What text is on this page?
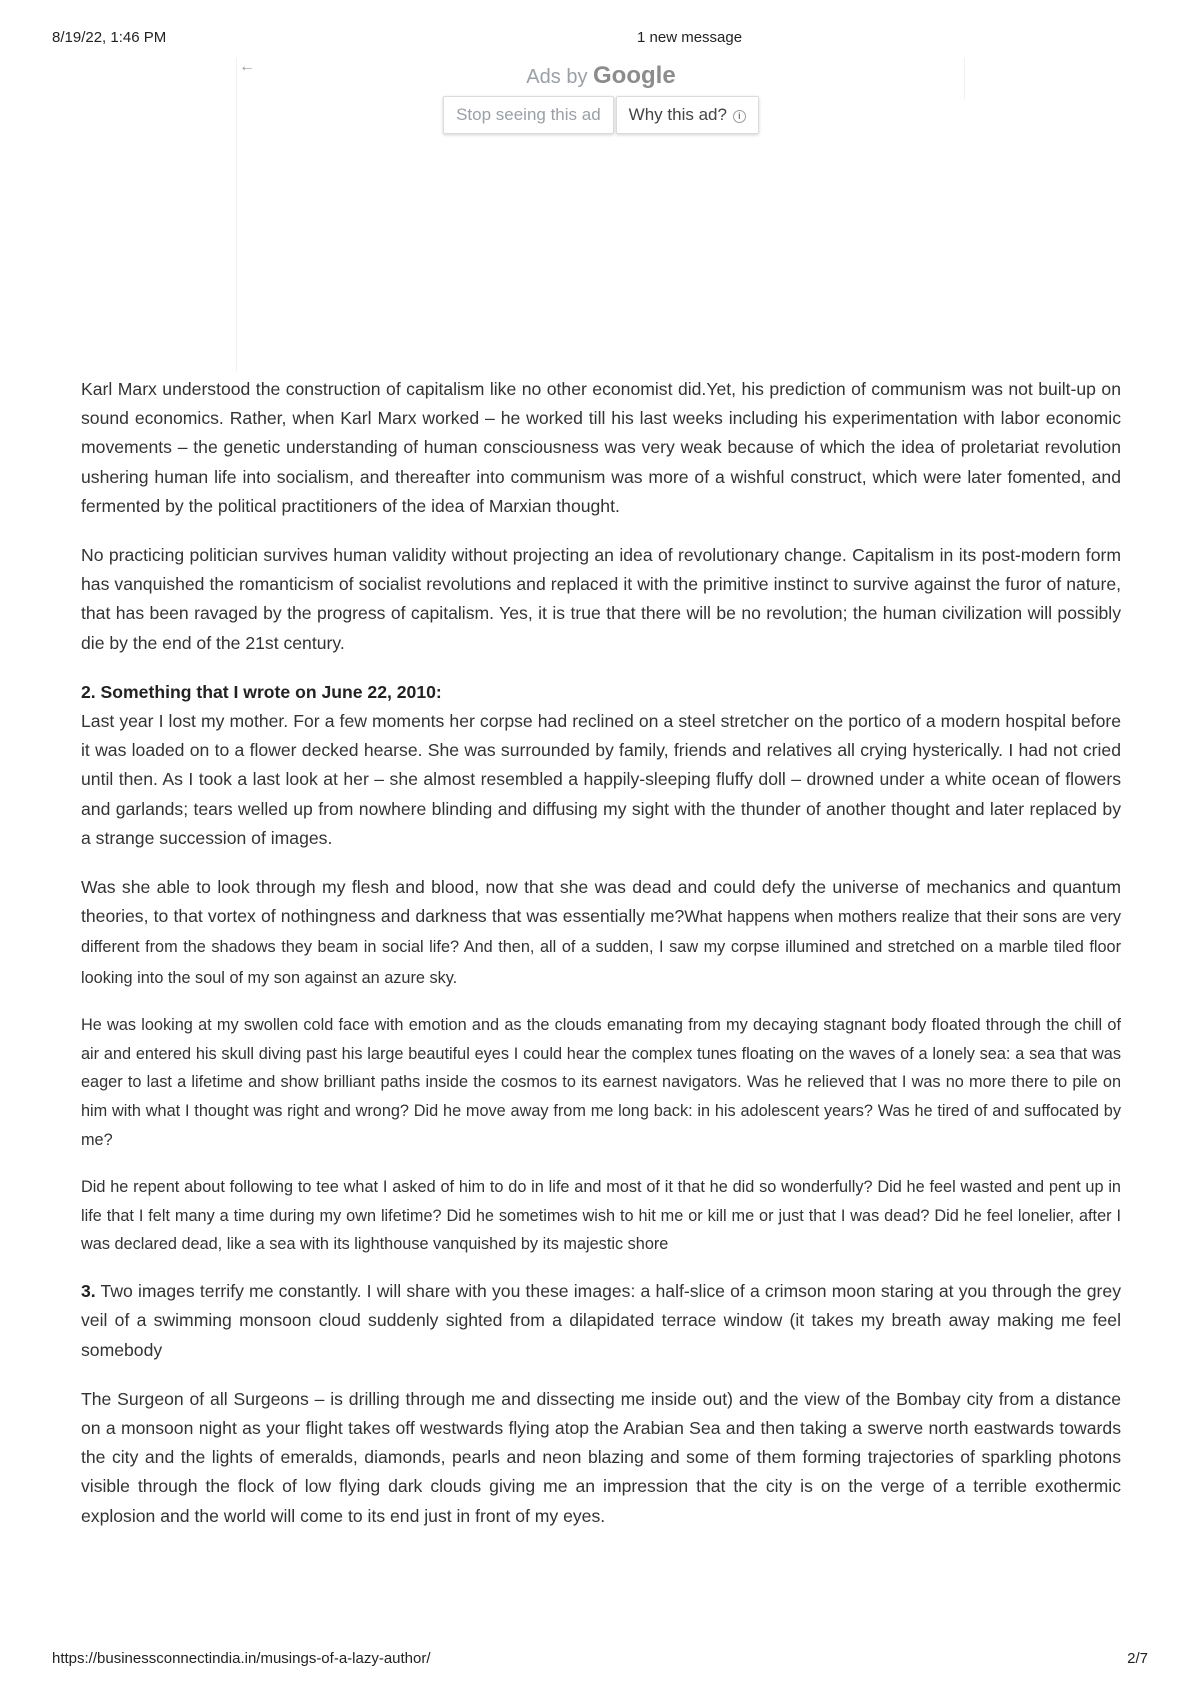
8/19/22, 1:46 PM	1 new message
←	Ads by Google
Stop seeing this ad Why this ad? i

Karl Marx understood the construction of capitalism like no other economist did.Yet, his prediction of communism was not built-up on sound economics. Rather, when Karl Marx worked – he worked till his last weeks including his experimentation with labor economic movements – the genetic understanding of human consciousness was very weak because of which the idea of proletariat revolution ushering human life into socialism, and thereafter into communism was more of a wishful construct, which were later fomented, and fermented by the political practitioners of the idea of Marxian thought.

No practicing politician survives human validity without projecting an idea of revolutionary change. Capitalism in its post-modern form has vanquished the romanticism of socialist revolutions and replaced it with the primitive instinct to survive against the furor of nature, that has been ravaged by the progress of capitalism. Yes, it is true that there will be no revolution; the human civilization will possibly die by the end of the 21st century.

2. Something that I wrote on June 22, 2010:
Last year I lost my mother. For a few moments her corpse had reclined on a steel stretcher on the portico of a modern hospital before it was loaded on to a flower decked hearse. She was surrounded by family, friends and relatives all crying hysterically. I had not cried until then. As I took a last look at her – she almost resembled a happily-sleeping fluffy doll – drowned under a white ocean of flowers and garlands; tears welled up from nowhere blinding and diffusing my sight with the thunder of another thought and later replaced by a strange succession of images.

Was she able to look through my flesh and blood, now that she was dead and could defy the universe of mechanics and quantum theories, to that vortex of nothingness and darkness that was essentially me?What happens when mothers realize that their sons are very different from the shadows they beam in social life? And then, all of a sudden, I saw my corpse illumined and stretched on a marble tiled floor looking into the soul of my son against an azure sky.

He was looking at my swollen cold face with emotion and as the clouds emanating from my decaying stagnant body floated through the chill of air and entered his skull diving past his large beautiful eyes I could hear the complex tunes floating on the waves of a lonely sea: a sea that was eager to last a lifetime and show brilliant paths inside the cosmos to its earnest navigators. Was he relieved that I was no more there to pile on him with what I thought was right and wrong? Did he move away from me long back: in his adolescent years? Was he tired of and suffocated by me?

Did he repent about following to tee what I asked of him to do in life and most of it that he did so wonderfully? Did he feel wasted and pent up in life that I felt many a time during my own lifetime? Did he sometimes wish to hit me or kill me or just that I was dead? Did he feel lonelier, after I was declared dead, like a sea with its lighthouse vanquished by its majestic shore

3. Two images terrify me constantly. I will share with you these images: a half-slice of a crimson moon staring at you through the grey veil of a swimming monsoon cloud suddenly sighted from a dilapidated terrace window (it takes my breath away making me feel somebody

The Surgeon of all Surgeons – is drilling through me and dissecting me inside out) and the view of the Bombay city from a distance on a monsoon night as your flight takes off westwards flying atop the Arabian Sea and then taking a swerve north eastwards towards the city and the lights of emeralds, diamonds, pearls and neon blazing and some of them forming trajectories of sparkling photons visible through the flock of low flying dark clouds giving me an impression that the city is on the verge of a terrible exothermic explosion and the world will come to its end just in front of my eyes.

https://businessconnectindia.in/musings-of-a-lazy-author/	2/7
